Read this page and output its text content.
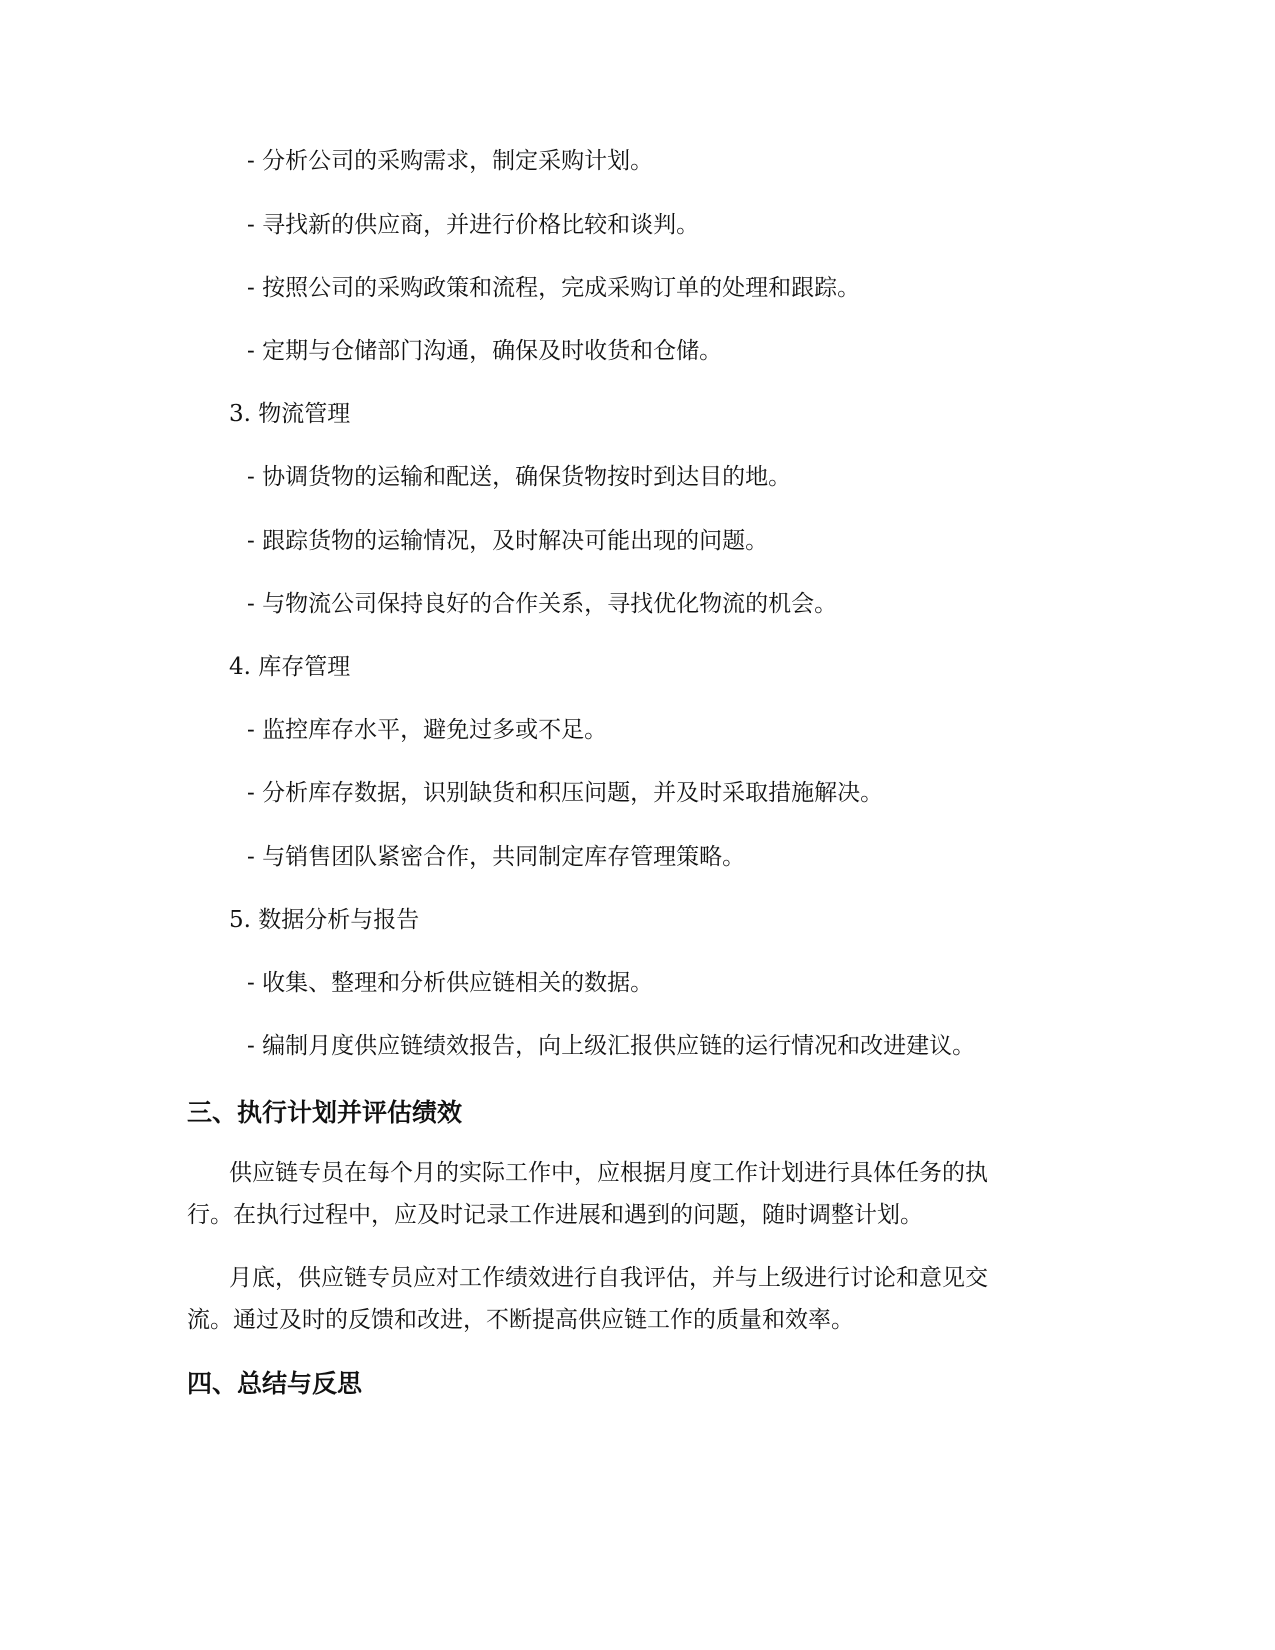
- 分析公司的采购需求，制定采购计划。
- 寻找新的供应商，并进行价格比较和谈判。
- 按照公司的采购政策和流程，完成采购订单的处理和跟踪。
- 定期与仓储部门沟通，确保及时收货和仓储。
3. 物流管理
- 协调货物的运输和配送，确保货物按时到达目的地。
- 跟踪货物的运输情况，及时解决可能出现的问题。
- 与物流公司保持良好的合作关系，寻找优化物流的机会。
4. 库存管理
- 监控库存水平，避免过多或不足。
- 分析库存数据，识别缺货和积压问题，并及时采取措施解决。
- 与销售团队紧密合作，共同制定库存管理策略。
5. 数据分析与报告
- 收集、整理和分析供应链相关的数据。
- 编制月度供应链绩效报告，向上级汇报供应链的运行情况和改进建议。
三、执行计划并评估绩效
供应链专员在每个月的实际工作中，应根据月度工作计划进行具体任务的执
行。在执行过程中，应及时记录工作进展和遇到的问题，随时调整计划。
月底，供应链专员应对工作绩效进行自我评估，并与上级进行讨论和意见交
流。通过及时的反馈和改进，不断提高供应链工作的质量和效率。
四、总结与反思
